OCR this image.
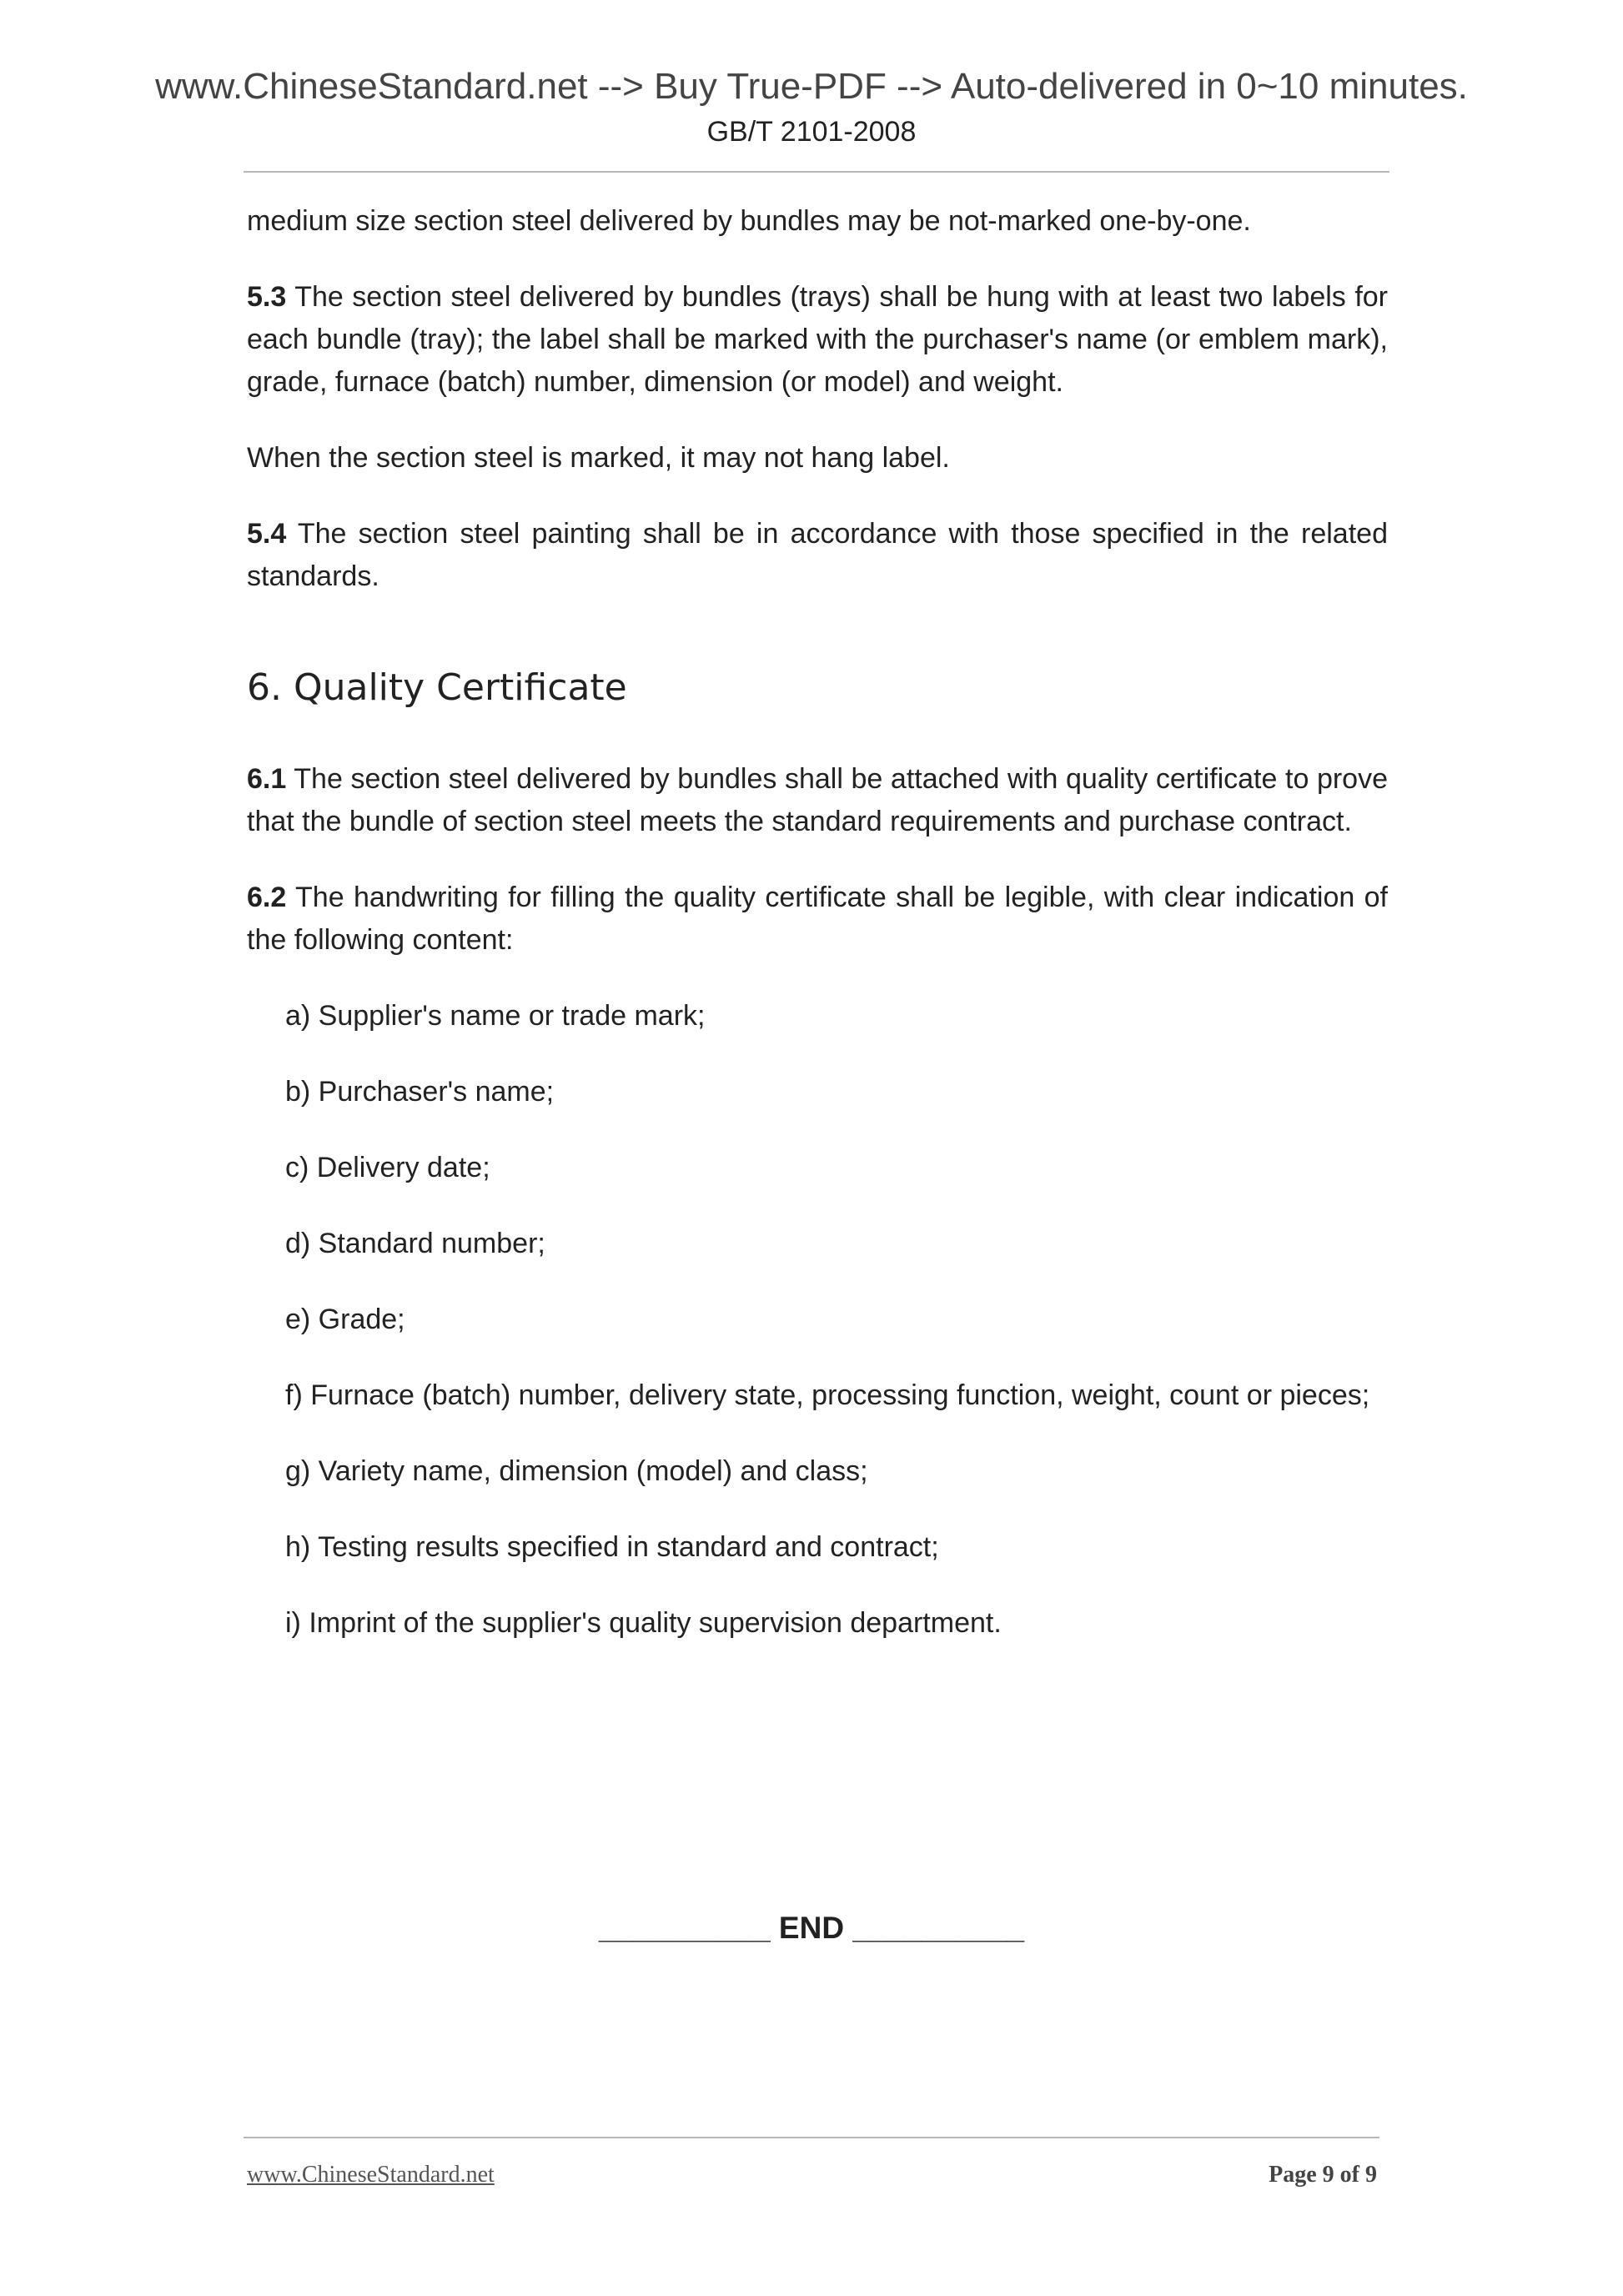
www.ChineseStandard.net --> Buy True-PDF --> Auto-delivered in 0~10 minutes.
GB/T 2101-2008

medium size section steel delivered by bundles may be not-marked one-by-one.

5.3 The section steel delivered by bundles (trays) shall be hung with at least two labels for each bundle (tray); the label shall be marked with the purchaser's name (or emblem mark), grade, furnace (batch) number, dimension (or model) and weight.

When the section steel is marked, it may not hang label.

5.4 The section steel painting shall be in accordance with those specified in the related standards.

6. Quality Certificate

6.1 The section steel delivered by bundles shall be attached with quality certificate to prove that the bundle of section steel meets the standard requirements and purchase contract.

6.2 The handwriting for filling the quality certificate shall be legible, with clear indication of the following content:

a) Supplier's name or trade mark;
b) Purchaser's name;
c) Delivery date;
d) Standard number;
e) Grade;
f) Furnace (batch) number, delivery state, processing function, weight, count or pieces;
g) Variety name, dimension (model) and class;
h) Testing results specified in standard and contract;
i) Imprint of the supplier's quality supervision department.
__________ END __________
www.ChineseStandard.net	Page 9 of 9
